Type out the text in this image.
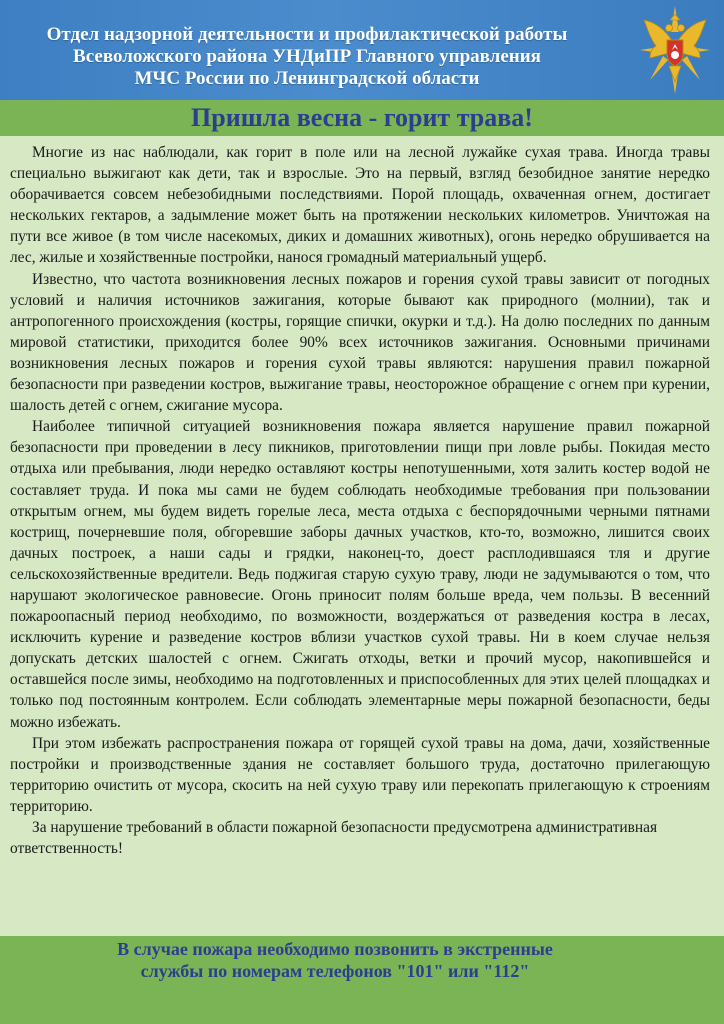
Отдел надзорной деятельности и профилактической работы
Всеволожского района УНДиПР Главного управления
МЧС России по Ленинградской области
Пришла весна - горит трава!

Многие из нас наблюдали, как горит в поле или на лесной лужайке сухая трава. Иногда травы специально выжигают как дети, так и взрослые. Это на первый, взгляд безобидное занятие нередко оборачивается совсем небезобидными последствиями. Порой площадь, охваченная огнем, достигает нескольких гектаров, а задымление может быть на протяжении нескольких километров. Уничтожая на пути все живое (в том числе насекомых, диких и домашних животных), огонь нередко обрушивается на лес, жилые и хозяйственные постройки, нанося громадный материальный ущерб.

Известно, что частота возникновения лесных пожаров и горения сухой травы зависит от погодных условий и наличия источников зажигания, которые бывают как природного (молнии), так и антропогенного происхождения (костры, горящие спички, окурки и т.д.). На долю последних по данным мировой статистики, приходится более 90% всех источников зажигания. Основными причинами возникновения лесных пожаров и горения сухой травы являются: нарушения правил пожарной безопасности при разведении костров, выжигание травы, неосторожное обращение с огнем при курении, шалость детей с огнем, сжигание мусора.

Наиболее типичной ситуацией возникновения пожара является нарушение правил пожарной безопасности при проведении в лесу пикников, приготовлении пищи при ловле рыбы. Покидая место отдыха или пребывания, люди нередко оставляют костры непотушенными, хотя залить костер водой не составляет труда. И пока мы сами не будем соблюдать необходимые требования при пользовании открытым огнем, мы будем видеть горелые леса, места отдыха с беспорядочными черными пятнами кострищ, почерневшие поля, обгоревшие заборы дачных участков, кто-то, возможно, лишится своих дачных построек, а наши сады и грядки, наконец-то, доест расплодившаяся тля и другие сельскохозяйственные вредители. Ведь поджигая старую сухую траву, люди не задумываются о том, что нарушают экологическое равновесие. Огонь приносит полям больше вреда, чем пользы. В весенний пожароопасный период необходимо, по возможности, воздержаться от разведения костра в лесах, исключить курение и разведение костров вблизи участков сухой травы. Ни в коем случае нельзя допускать детских шалостей с огнем. Сжигать отходы, ветки и прочий мусор, накопившейся и оставшейся после зимы, необходимо на подготовленных и приспособленных для этих целей площадках и только под постоянным контролем. Если соблюдать элементарные меры пожарной безопасности, беды можно избежать.

При этом избежать распространения пожара от горящей сухой травы на дома, дачи, хозяйственные постройки и производственные здания не составляет большого труда, достаточно прилегающую территорию очистить от мусора, скосить на ней сухую траву или перекопать прилегающую к строениям территорию.

За нарушение требований в области пожарной безопасности предусмотрена административная ответственность!

В случае пожара необходимо позвонить в экстренные
службы по номерам телефонов "101" или "112"
